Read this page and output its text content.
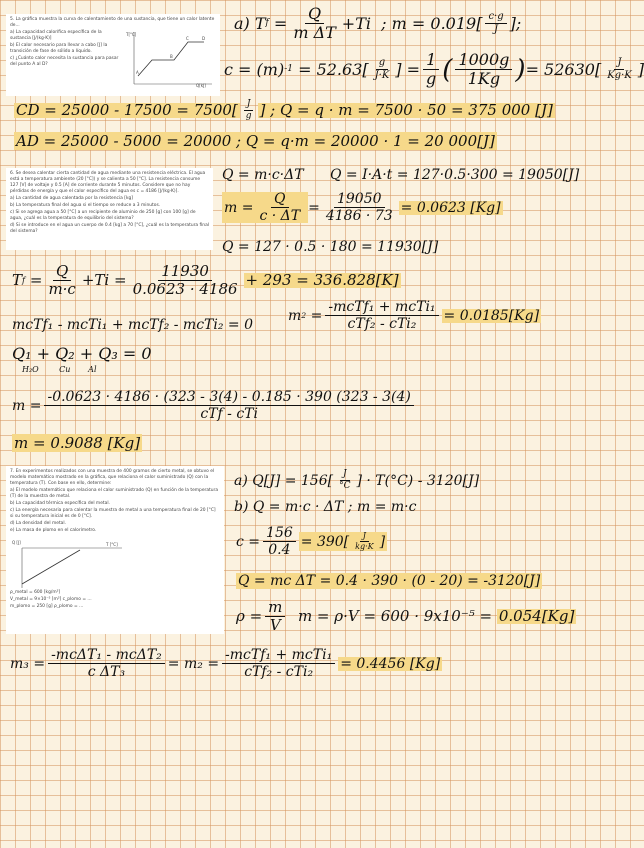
5. La gráfica muestra la curva de calentamiento de una sustancia, que tiene un calor latente de...

a) La capacidad calorífica específica de la sustancia [J/(kg·K)]

b) El calor necesario para llevar a cabo [J] la transición de fase de sólido a líquido.

c) ¿Cuánto calor necesita la sustancia para pasar del punto A al D?

T[°C]
Q[kJ]
D
C
B
A

6. Se desea calentar cierta cantidad de agua mediante una resistencia eléctrica. El agua está a temperatura ambiente (20 [°C]) y se calienta a 50 [°C]. La resistencia consume 127 [V] de voltaje y 0.5 [A] de corriente durante 5 minutos. Considere que no hay pérdidas de energía y que el calor específico del agua es c = 4186 [J/(kg·K)].

a) La cantidad de agua calentada por la resistencia [kg]

b) La temperatura final del agua si el tiempo se reduce a 3 minutos.

c) Si se agrega agua a 50 [°C] a un recipiente de aluminio de 250 [g] con 100 [g] de agua, ¿cuál es la temperatura de equilibrio del sistema?

d) Si se introduce en el agua un cuerpo de 0.4 [kg] a 70 [°C], ¿cuál es la temperatura final del sistema?

7. En experimentos realizados con una muestra de 400 gramos de cierto metal, se obtuvo el modelo matemático mostrado en la gráfica, que relaciona el calor suministrado (Q) con la temperatura (T). Con base en ello, determine:

a) El modelo matemático que relaciona el calor suministrado (Q) en función de la temperatura (T) de la muestra de metal.

b) La capacidad térmica específica del metal.

c) La energía necesaria para calentar la muestra de metal a una temperatura final de 20 [°C] si su temperatura inicial es de 0 [°C].

d) La densidad del metal.

e) La masa de plomo en el calorímetro.

Q [J]	T [°C]

ρ_metal = 600 [kg/m³]

V_metal = 9×10⁻⁵ [m³] c_plomo = ...

m_plomo = 250 [g] ρ_plomo = ...

a)
T f
= $\frac{Q}{\text{m ΔT}} +Ti$
; m = 0.019[ c·g
J ];
c = (m) -1
= 52.63[	g
J·K ] = $\frac{1}{g}$ ( 1000g
1Kg ) = 52630[	J
Kg·K ]
CD = 25000 - 17500 = 7500[	J
g ] ; Q = q · m = 7500 · 50 = 375 000 [J]
AD = 25000 - 5000 = 20000 ; Q = q·m = 20000 · 1 = 20 000[J]
Q = m·c·ΔT Q = I·A·t = 127·0.5·300 = 19050[J]
$m = \frac{Q}{c \cdot \Delta T} = \frac{19050}{4186 \cdot 73} = 0.0623$ [Kg]
Q = 127 · 0.5 · 180 = 11930[J]
T f
= $\frac{Q}{m\cdot c} +Ti = \frac{11930}{0.0623 \cdot 4186} + 293 = 336.828[K]$
m 2
=
-mcTf₁ + mcTi₁
cTf₂ - cTi₂
= 0.0185[Kg]
mcTf₁ - mcTi₁ + mcTf₂ - mcTi₂ = 0
Q₁ + Q₂ + Q₃ = 0
H₂O        Cu       Al
m =
-0.0623 · 4186 · (323 - 3(4) - 0.185 · 390 (323 - 3(4)
cTf - cTi
m = 0.9088 [Kg]
a) Q[J] = 156[	J
°C ] · T(°C) - 3120[J]
b) Q = m·c · ΔT ; m = m·c
$c = \frac{156}{0.4} = 390$[	J
kg·K ]
Q = mc ΔT = 0.4 · 390 · (0 - 20) = -3120[J]
$\rho = \frac{m}{V}$
m = ρ·V = 600 · 9x10⁻⁵ =
0.054[Kg]
m₃ =
-mcΔT₁ - mcΔT₂
c ΔT₃
= m₂ =
-mcTf₁ + mcTi₁
cTf₂ - cTi₂
= 0.4456 [Kg]
